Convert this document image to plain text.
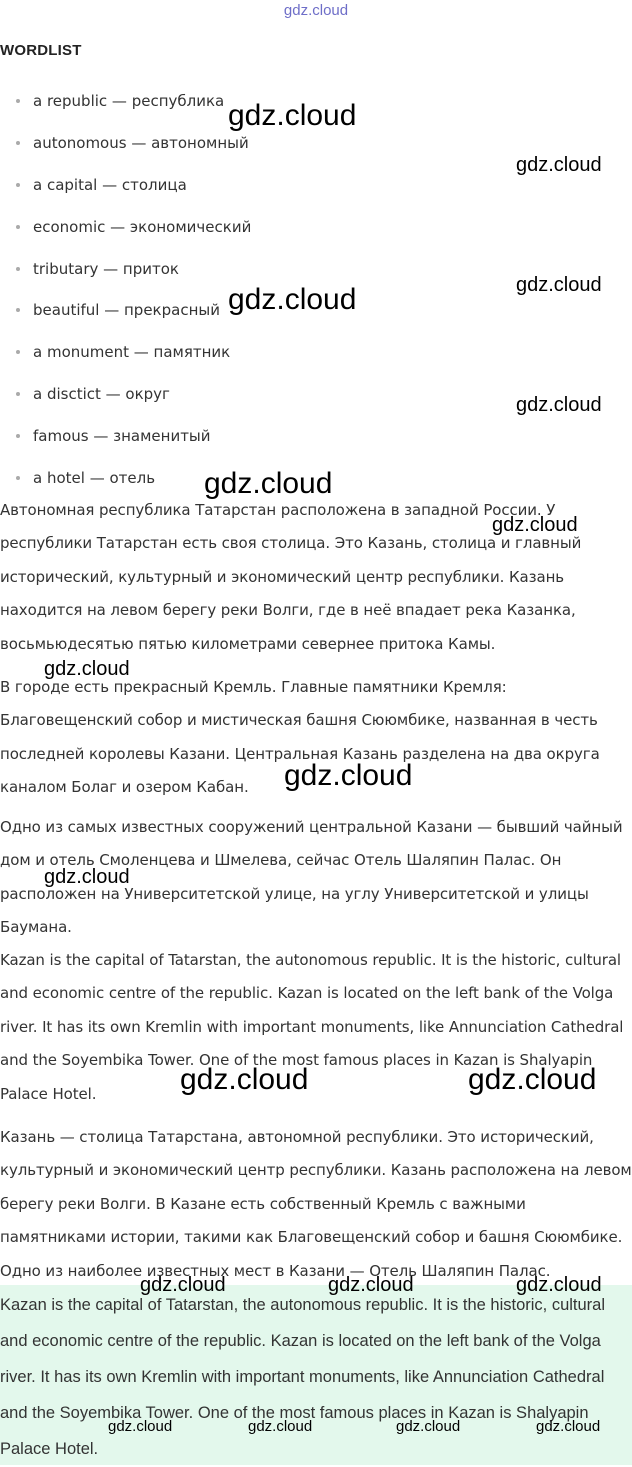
gdz.cloud
WORDLIST
a republic — республика
autonomous — автономный
a capital — столица
economic — экономический
tributary — приток
beautiful — прекрасный
a monument — памятник
a disctict — округ
famous — знаменитый
a hotel — отель

Автономная республика Татарстан расположена в западной России. У республики Татарстан есть своя столица. Это Казань, столица и главный исторический, культурный и экономический центр республики. Казань находится на левом берегу реки Волги, где в неё впадает река Казанка, восьмьюдесятью пятью километрами севернее притока Камы.

В городе есть прекрасный Кремль. Главные памятники Кремля: Благовещенский собор и мистическая башня Сююмбике, названная в честь последней королевы Казани. Центральная Казань разделена на два округа каналом Болаг и озером Кабан.

Одно из самых известных сооружений центральной Казани — бывший чайный дом и отель Смоленцева и Шмелева, сейчас Отель Шаляпин Палас. Он расположен на Университетской улице, на углу Университетской и улицы Баумана.

Kazan is the capital of Tatarstan, the autonomous republic. It is the historic, cultural and economic centre of the republic. Kazan is located on the left bank of the Volga river. It has its own Kremlin with important monuments, like Annunciation Cathedral and the Soyembika Tower. One of the most famous places in Kazan is Shalyapin Palace Hotel.

Казань — столица Татарстана, автономной республики. Это исторический, культурный и экономический центр республики. Казань расположена на левом берегу реки Волги. В Казане есть собственный Кремль с важными памятниками истории, такими как Благовещенский собор и башня Сююмбике. Одно из наиболее известных мест в Казани — Отель Шаляпин Палас.

Kazan is the capital of Tatarstan, the autonomous republic. It is the historic, cultural and economic centre of the republic. Kazan is located on the left bank of the Volga river. It has its own Kremlin with important monuments, like Annunciation Cathedral and the Soyembika Tower. One of the most famous places in Kazan is Shalyapin Palace Hotel.

gdz.cloud
gdz.cloud
gdz.cloud	gdz.cloud
gdz.cloud
gdz.cloud
gdz.cloud
gdz.cloud
gdz.cloud
gdz.cloud
gdz.cloud	gdz.cloud
gdz.cloud	gdz.cloud	gdz.cloud
gdz.cloud	gdz.cloud	gdz.cloud	gdz.cloud
